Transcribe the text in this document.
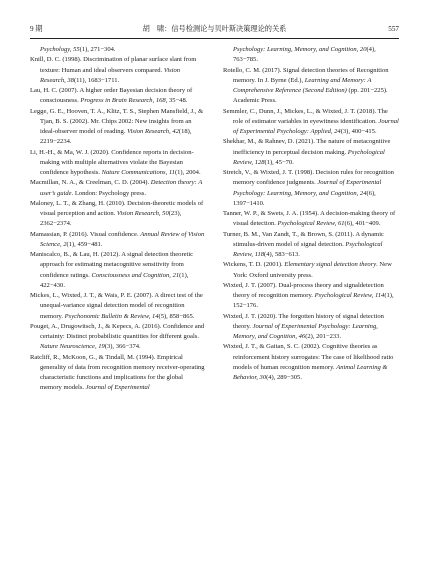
9 期	胡　啸：信号检测论与贝叶斯决策理论的关系	557

Psychology, 55(1), 271−304.

Knill, D. C. (1998). Discrimination of planar surface slant from texture: Human and ideal observers compared. Vision Research, 38(11), 1683−1711.

Lau, H. C. (2007). A higher order Bayesian decision theory of consciousness. Progress in Brain Research, 168, 35−48.

Legge, G. E., Hooven, T. A., Klitz, T. S., Stephen Mansfield, J., & Tjan, B. S. (2002). Mr. Chips 2002: New insights from an ideal-observer model of reading. Vision Research, 42(18), 2219−2234.

Li, H.-H., & Ma, W. J. (2020). Confidence reports in decision-making with multiple alternatives violate the Bayesian confidence hypothesis. Nature Communications, 11(1), 2004.

Macmillan, N. A., & Creelman, C. D. (2004). Detection theory: A user’s guide. London: Psychology press.

Maloney, L. T., & Zhang, H. (2010). Decision-theoretic models of visual perception and action. Vision Research, 50(23), 2362−2374.

Mamassian, P. (2016). Visual confidence. Annual Review of Vision Science, 2(1), 459−481.

Maniscalco, B., & Lau, H. (2012). A signal detection theoretic approach for estimating metacognitive sensitivity from confidence ratings. Consciousness and Cognition, 21(1), 422−430.

Mickes, L., Wixted, J. T., & Wais, P. E. (2007). A direct test of the unequal-variance signal detection model of recognition memory. Psychonomic Bulletin & Review, 14(5), 858−865.

Pouget, A., Drugowitsch, J., & Kepecs, A. (2016). Confidence and certainty: Distinct probabilistic quantities for different goals. Nature Neuroscience, 19(3), 366−374.

Ratcliff, R., McKoon, G., & Tindall, M. (1994). Empirical generality of data from recognition memory receiver-operating characteristic functions and implications for the global memory models. Journal of Experimental

Psychology: Learning, Memory, and Cognition, 20(4), 763−785.

Rotello, C. M. (2017). Signal detection theories of Recognition memory. In J. Byrne (Ed.), Learning and Memory: A Comprehensive Reference (Second Edition) (pp. 201−225). Academic Press.

Semmler, C., Dunn, J., Mickes, L., & Wixted, J. T. (2018). The role of estimator variables in eyewitness identification. Journal of Experimental Psychology: Applied, 24(3), 400−415.

Shekhar, M., & Rahnev, D. (2021). The nature of metacognitive inefficiency in perceptual decision making. Psychological Review, 128(1), 45−70.

Stretch, V., & Wixted, J. T. (1998). Decision rules for recognition memory confidence judgments. Journal of Experimental Psychology: Learning, Memory, and Cognition, 24(6), 1397−1410.

Tanner, W. P., & Swets, J. A. (1954). A decision-making theory of visual detection. Psychological Review, 61(6), 401−409.

Turner, B. M., Van Zandt, T., & Brown, S. (2011). A dynamic stimulus-driven model of signal detection. Psychological Review, 118(4), 583−613.

Wickens, T. D. (2001). Elementary signal detection theory. New York: Oxford university press.

Wixted, J. T. (2007). Dual-process theory and signaldetection theory of recognition memory. Psychological Review, 114(1), 152−176.

Wixted, J. T. (2020). The forgotten history of signal detection theory. Journal of Experimental Psychology: Learning, Memory, and Cognition, 46(2), 201−233.

Wixted, J. T., & Gaitan, S. C. (2002). Cognitive theories as reinforcement history surrogates: The case of likelihood ratio models of human recognition memory. Animal Learning & Behavior, 30(4), 289−305.
